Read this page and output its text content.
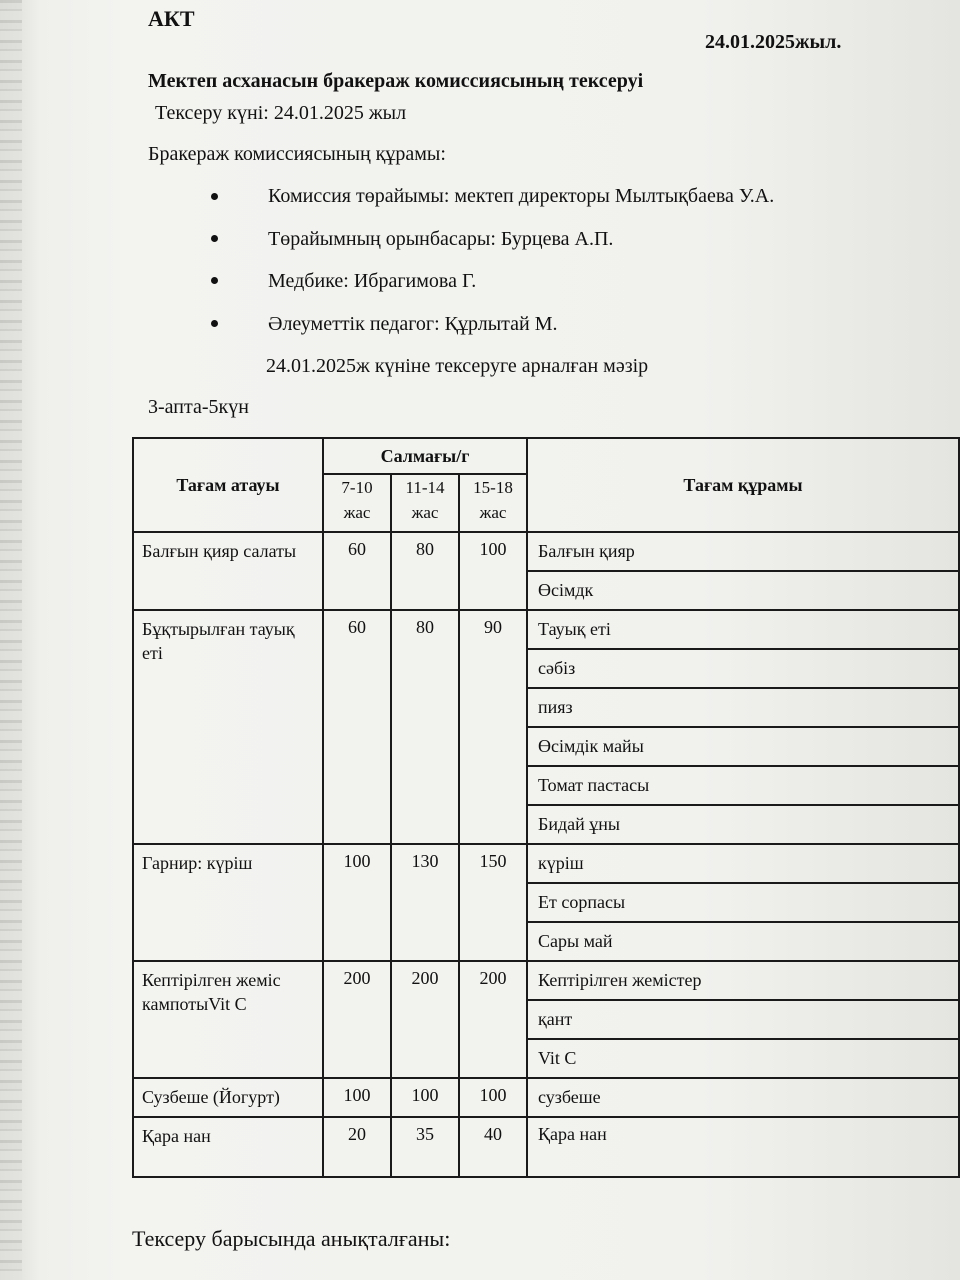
АКТ
24.01.2025жыл.
Мектеп асханасын бракераж комиссиясының тексеруі
Тексеру күні: 24.01.2025 жыл
Бракераж комиссиясының құрамы:
Комиссия төрайымы: мектеп директоры Мылтықбаева У.А.
Төрайымның орынбасары: Бурцева А.П.
Медбике: Ибрагимова Г.
Әлеуметтік педагог: Құрлытай М.
24.01.2025ж күніне тексеруге арналған мәзір
3-апта-5күн
Тағам атауы	Салмағы/г			Тағам құрамы
	7-10 жас	11-14 жас	15-18 жас	
Балғын қияр салаты	60	80	100	Балғын қияр
				Өсімдк
Бұқтырылған тауық еті	60	80	90	Тауық еті
				сәбіз
				пияз
				Өсімдік майы
				Томат пастасы
				Бидай ұны
Гарнир: күріш	100	130	150	күріш
				Ет сорпасы
				Сары май
Кептірілген жеміс кампотыVit C	200	200	200	Кептірілген жемістер
				қант
				Vit C
Сузбеше (Йогурт)	100	100	100	сузбеше
Қара нан	20	35	40	Қара нан
Тексеру барысында анықталғаны:
